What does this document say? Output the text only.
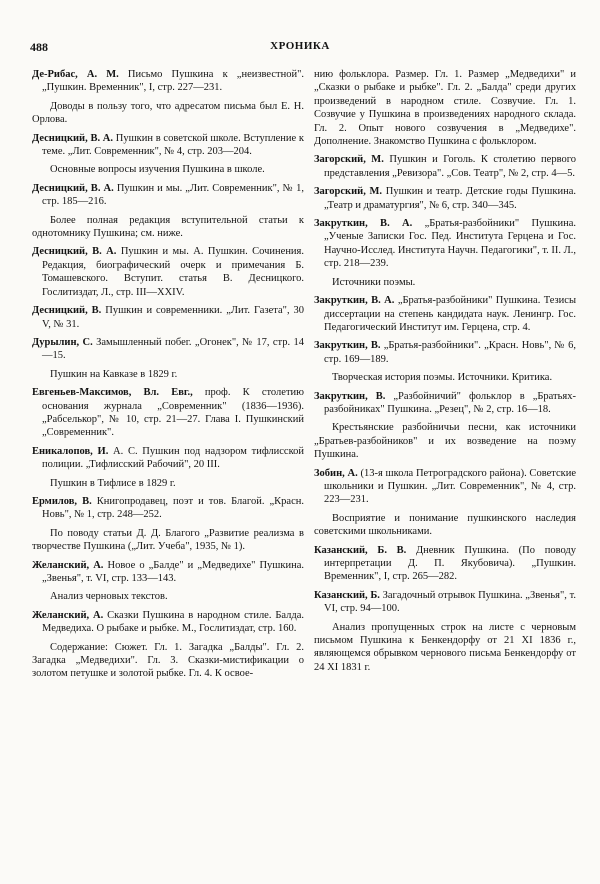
488	ХРОНИКА

Де-Рибас, А. М. Письмо Пушкина к „неизвестной". „Пушкин. Временник", I, стр. 227—231.

Доводы в пользу того, что адресатом письма был Е. Н. Орлова.

Десницкий, В. А. Пушкин в советской школе. Вступление к теме. „Лит. Современник", № 4, стр. 203—204.

Основные вопросы изучения Пушкина в школе.

Десницкий, В. А. Пушкин и мы. „Лит. Современник", № 1, стр. 185—216.

Более полная редакция вступительной статьи к однотомнику Пушкина; см. ниже.

Десницкий, В. А. Пушкин и мы. А. Пушкин. Сочинения. Редакция, биографический очерк и примечания Б. Томашевского. Вступит. статья В. Десницкого. Гослитиздат, Л., стр. III—XXIV.

Десницкий, В. Пушкин и современники. „Лит. Газета", 30 V, № 31.

Дурылин, С. Замышленный побег. „Огонек", № 17, стр. 14—15.

Пушкин на Кавказе в 1829 г.

Евгеньев-Максимов, Вл. Евг., проф. К столетию основания журнала „Современник" (1836—1936). „Рабселькор", № 10, стр. 21—27. Глава I. Пушкинский „Современник".

Еникалопов, И. А. С. Пушкин под надзором тифлисской полиции. „Тифлисский Рабочий", 20 III.

Пушкин в Тифлисе в 1829 г.

Ермилов, В. Книгопродавец, поэт и тов. Благой. „Красн. Новь", № 1, стр. 248—252.

По поводу статьи Д. Д. Благого „Развитие реализма в творчестве Пушкина („Лит. Учеба", 1935, № 1).

Желанский, А. Новое о „Балде" и „Медведихе" Пушкина. „Звенья", т. VI, стр. 133—143.

Анализ черновых текстов.

Желанский, А. Сказки Пушкина в народном стиле. Балда. Медведиха. О рыбаке и рыбке. М., Гослитиздат, стр. 160.

Содержание: Сюжет. Гл. 1. Загадка „Балды". Гл. 2. Загадка „Медведихи". Гл. 3. Сказки-мистификации о золотом петушке и золотой рыбке. Гл. 4. К освое-

нию фольклора. Размер. Гл. 1. Размер „Медведихи" и „Сказки о рыбаке и рыбке". Гл. 2. „Балда" среди других произведений в народном стиле. Созвучие. Гл. 1. Созвучие у Пушкина в произведениях народного склада. Гл. 2. Опыт нового созвучения в „Медведихе". Дополнение. Знакомство Пушкина с фольклором.

Загорский, М. Пушкин и Гоголь. К столетию первого представления „Ревизора". „Сов. Театр", № 2, стр. 4—5.

Загорский, М. Пушкин и театр. Детские годы Пушкина. „Театр и драматургия", № 6, стр. 340—345.

Закруткин, В. А. „Братья-разбойники" Пушкина. „Ученые Записки Гос. Пед. Института Герцена и Гос. Научно-Исслед. Института Научн. Педагогики", т. II. Л., стр. 218—239.

Источники поэмы.

Закруткин, В. А. „Братья-разбойники" Пушкина. Тезисы диссертации на степень кандидата наук. Ленингр. Гос. Педагогический Институт им. Герцена, стр. 4.

Закруткин, В. „Братья-разбойники". „Красн. Новь", № 6, стр. 169—189.

Творческая история поэмы. Источники. Критика.

Закруткин, В. „Разбойничий" фольклор в „Братьях-разбойниках" Пушкина. „Резец", № 2, стр. 16—18.

Крестьянские разбойничьи песни, как источники „Братьев-разбойников" и их возведение на поэму Пушкина.

Зобин, А. (13-я школа Петроградского района). Советские школьники и Пушкин. „Лит. Современник", № 4, стр. 223—231.

Восприятие и понимание пушкинского наследия советскими школьниками.

Казанский, Б. В. Дневник Пушкина. (По поводу интерпретации Д. П. Якубовича). „Пушкин. Временник", I, стр. 265—282.

Казанский, Б. Загадочный отрывок Пушкина. „Звенья", т. VI, стр. 94—100.

Анализ пропущенных строк на листе с черновым письмом Пушкина к Бенкендорфу от 21 XI 1836 г., являющемся обрывком чернового письма Бенкендорфу от 24 XI 1831 г.
